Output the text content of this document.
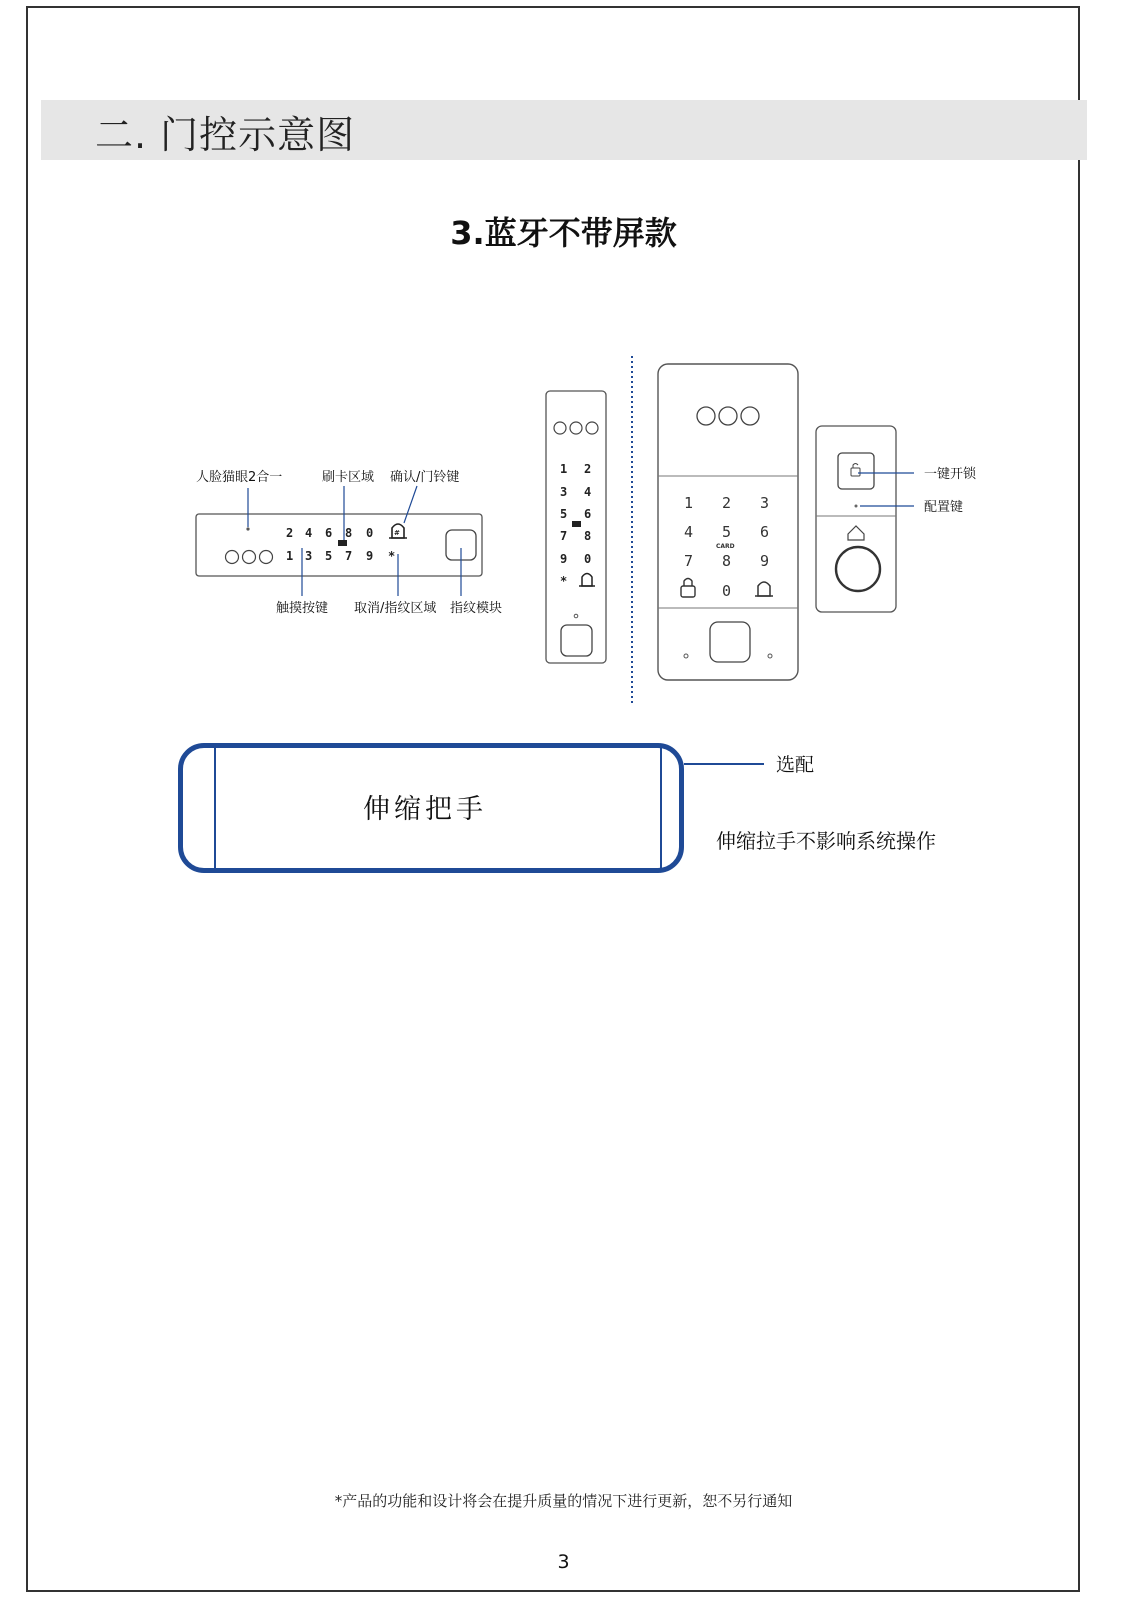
二. 门控示意图
3.蓝牙不带屏款
2 4 6 8 0
1 3 5 7 9 *
#
人脸猫眼2合一	刷卡区域 确认/门铃键
触摸按键 取消/指纹区域 指纹模块
1 2
3 4
5 6
7 8
9 0
*
1 2 3
4 5 6
CARD
7 8 9
0
一键开锁
配置键
伸缩把手
选配
伸缩拉手不影响系统操作
*产品的功能和设计将会在提升质量的情况下进行更新，恕不另行通知
3
